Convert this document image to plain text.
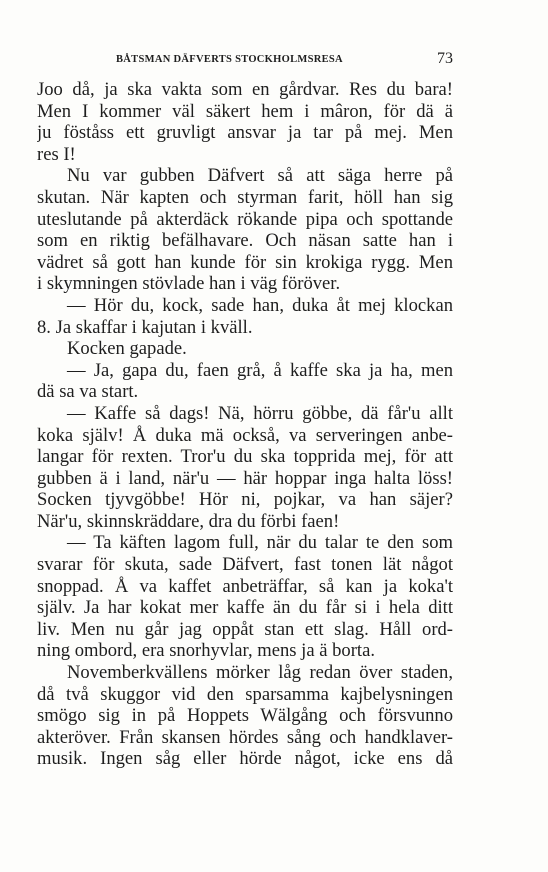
BÅTSMAN DÄFVERTS STOCKHOLMSRESA	73
Joo då, ja ska vakta som en gårdvar. Res du bara!
Men I kommer väl säkert hem i mâron, för dä ä
ju föståss ett gruvligt ansvar ja tar på mej. Men
res I!
Nu var gubben Däfvert så att säga herre på
skutan. När kapten och styrman farit, höll han sig
uteslutande på akterdäck rökande pipa och spottande
som en riktig befälhavare. Och näsan satte han i
vädret så gott han kunde för sin krokiga rygg. Men
i skymningen stövlade han i väg föröver.
— Hör du, kock, sade han, duka åt mej klockan
8. Ja skaffar i kajutan i kväll.
Kocken gapade.
— Ja, gapa du, faen grå, å kaffe ska ja ha, men
dä sa va start.
— Kaffe så dags! Nä, hörru göbbe, dä får'u allt
koka själv! Å duka mä också, va serveringen anbe-
langar för rexten. Tror'u du ska topprida mej, för att
gubben ä i land, när'u — här hoppar inga halta löss!
Socken tjyvgöbbe! Hör ni, pojkar, va han säjer?
När'u, skinnskräddare, dra du förbi faen!
— Ta käften lagom full, när du talar te den som
svarar för skuta, sade Däfvert, fast tonen lät något
snoppad. Å va kaffet anbeträffar, så kan ja koka't
själv. Ja har kokat mer kaffe än du får si i hela ditt
liv. Men nu går jag oppåt stan ett slag. Håll ord-
ning ombord, era snorhyvlar, mens ja ä borta.
Novemberkvällens mörker låg redan över staden,
då två skuggor vid den sparsamma kajbelysningen
smögo sig in på Hoppets Wälgång och försvunno
akteröver. Från skansen hördes sång och handklaver-
musik. Ingen såg eller hörde något, icke ens då
